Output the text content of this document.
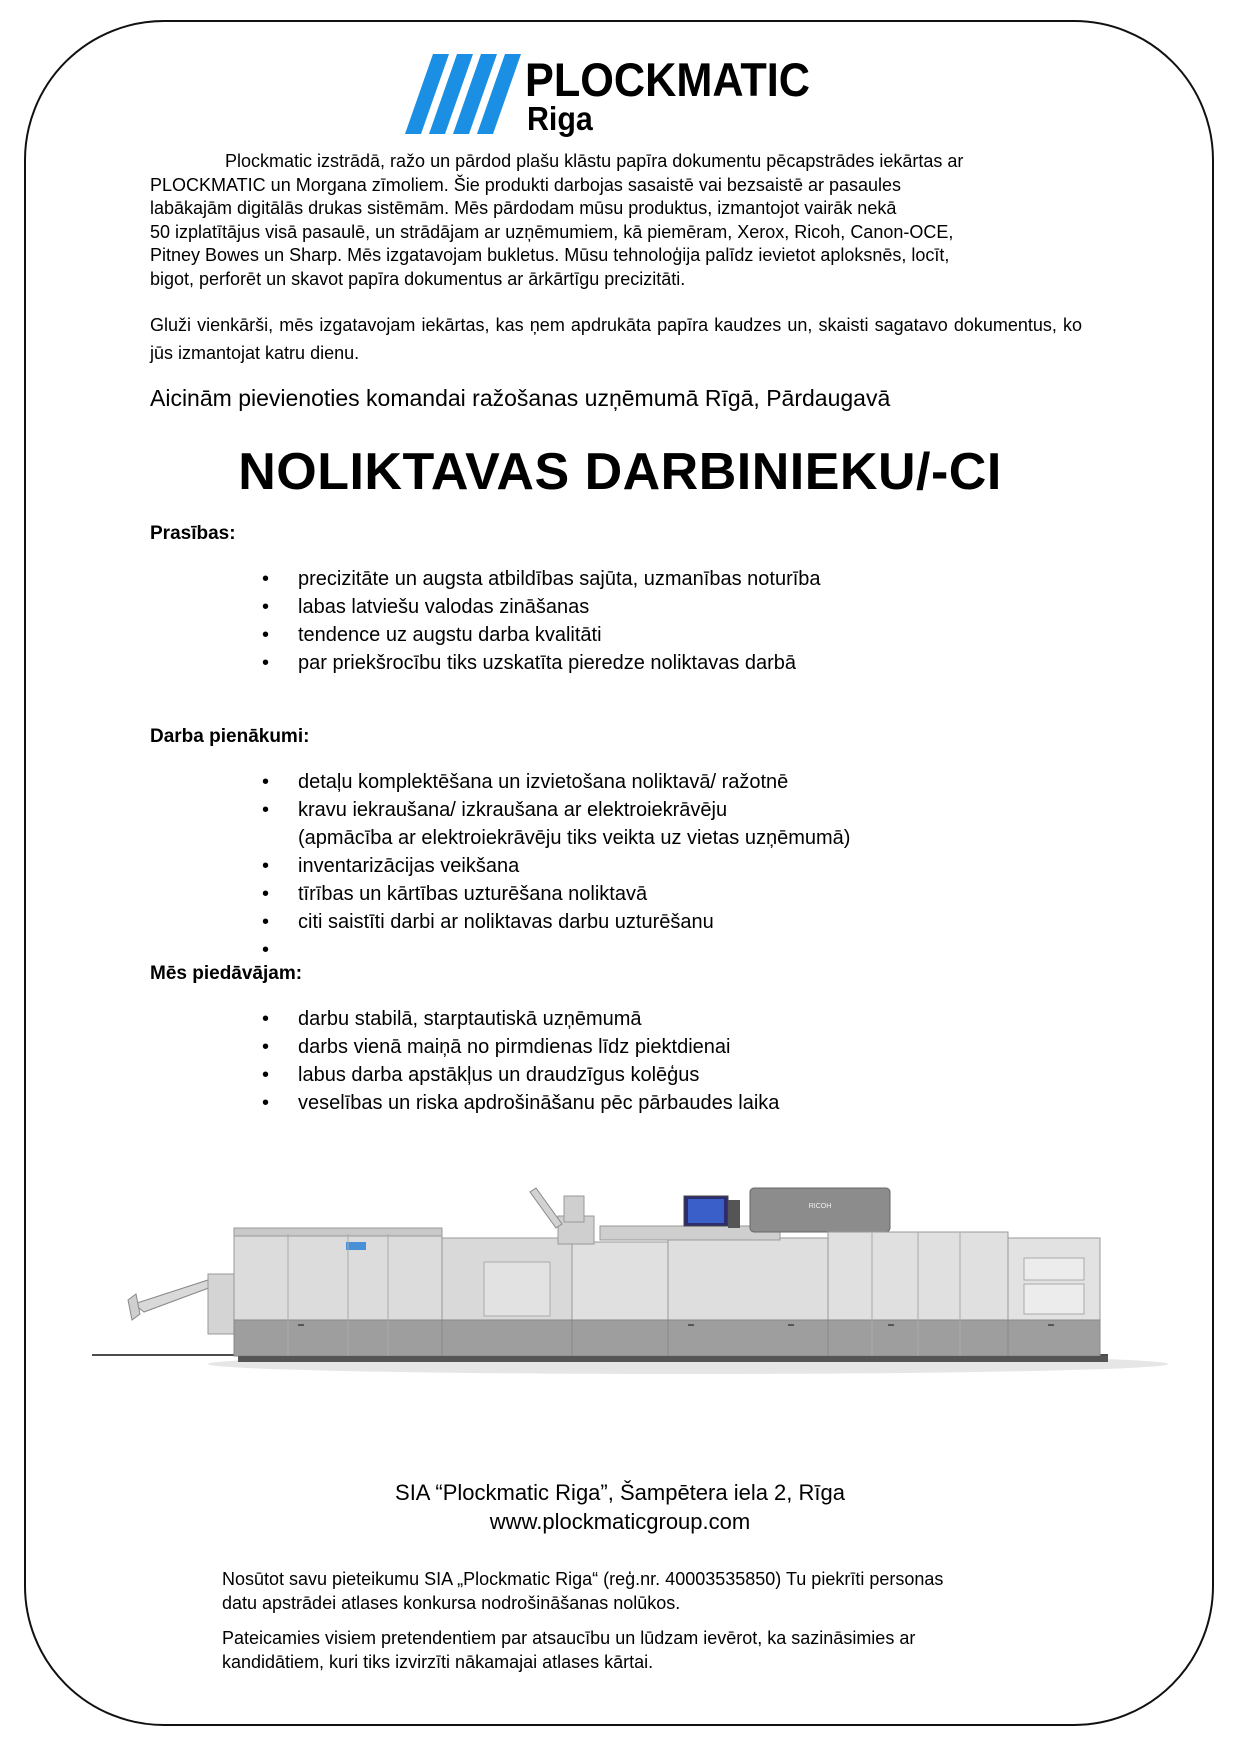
PLOCKMATIC
Riga
Plockmatic izstrādā, ražo un pārdod plašu klāstu papīra dokumentu pēcapstrādes iekārtas ar
PLOCKMATIC un Morgana zīmoliem. Šie produkti darbojas sasaistē vai bezsaistē ar pasaules
labākajām digitālās drukas sistēmām. Mēs pārdodam mūsu produktus, izmantojot vairāk nekā
50 izplatītājus visā pasaulē, un strādājam ar uzņēmumiem, kā piemēram, Xerox, Ricoh, Canon-OCE,
Pitney Bowes un Sharp. Mēs izgatavojam bukletus. Mūsu tehnoloģija palīdz ievietot aploksnēs, locīt,
bigot, perforēt un skavot papīra dokumentus ar ārkārtīgu precizitāti.
Gluži vienkārši, mēs izgatavojam iekārtas, kas ņem apdrukāta papīra kaudzes un, skaisti sagatavo dokumentus, ko jūs izmantojat katru dienu.
Aicinām pievienoties komandai ražošanas uzņēmumā Rīgā, Pārdaugavā
NOLIKTAVAS DARBINIEKU/-CI
Prasības:
• precizitāte un augsta atbildības sajūta, uzmanības noturība
• labas latviešu valodas zināšanas
• tendence uz augstu darba kvalitāti
• par priekšrocību tiks uzskatīta pieredze noliktavas darbā
Darba pienākumi:
• detaļu komplektēšana un izvietošana noliktavā/ ražotnē
• kravu iekraušana/ izkraušana ar elektroiekrāvēju
(apmācība ar elektroiekrāvēju tiks veikta uz vietas uzņēmumā)
• inventarizācijas veikšana
• tīrības un kārtības uzturēšana noliktavā
• citi saistīti darbi ar noliktavas darbu uzturēšanu
•
Mēs piedāvājam:
• darbu stabilā, starptautiskā uzņēmumā
• darbs vienā maiņā no pirmdienas līdz piektdienai
• labus darba apstākļus un draudzīgus kolēģus
• veselības un riska apdrošināšanu pēc pārbaudes laika
RICOH
SIA “Plockmatic Riga”, Šampētera iela 2, Rīga
www.plockmaticgroup.com
Nosūtot savu pieteikumu SIA „Plockmatic Riga“ (reģ.nr. 40003535850) Tu piekrīti personas
datu apstrādei atlases konkursa nodrošināšanas nolūkos.
Pateicamies visiem pretendentiem par atsaucību un lūdzam ievērot, ka sazināsimies ar
kandidātiem, kuri tiks izvirzīti nākamajai atlases kārtai.
